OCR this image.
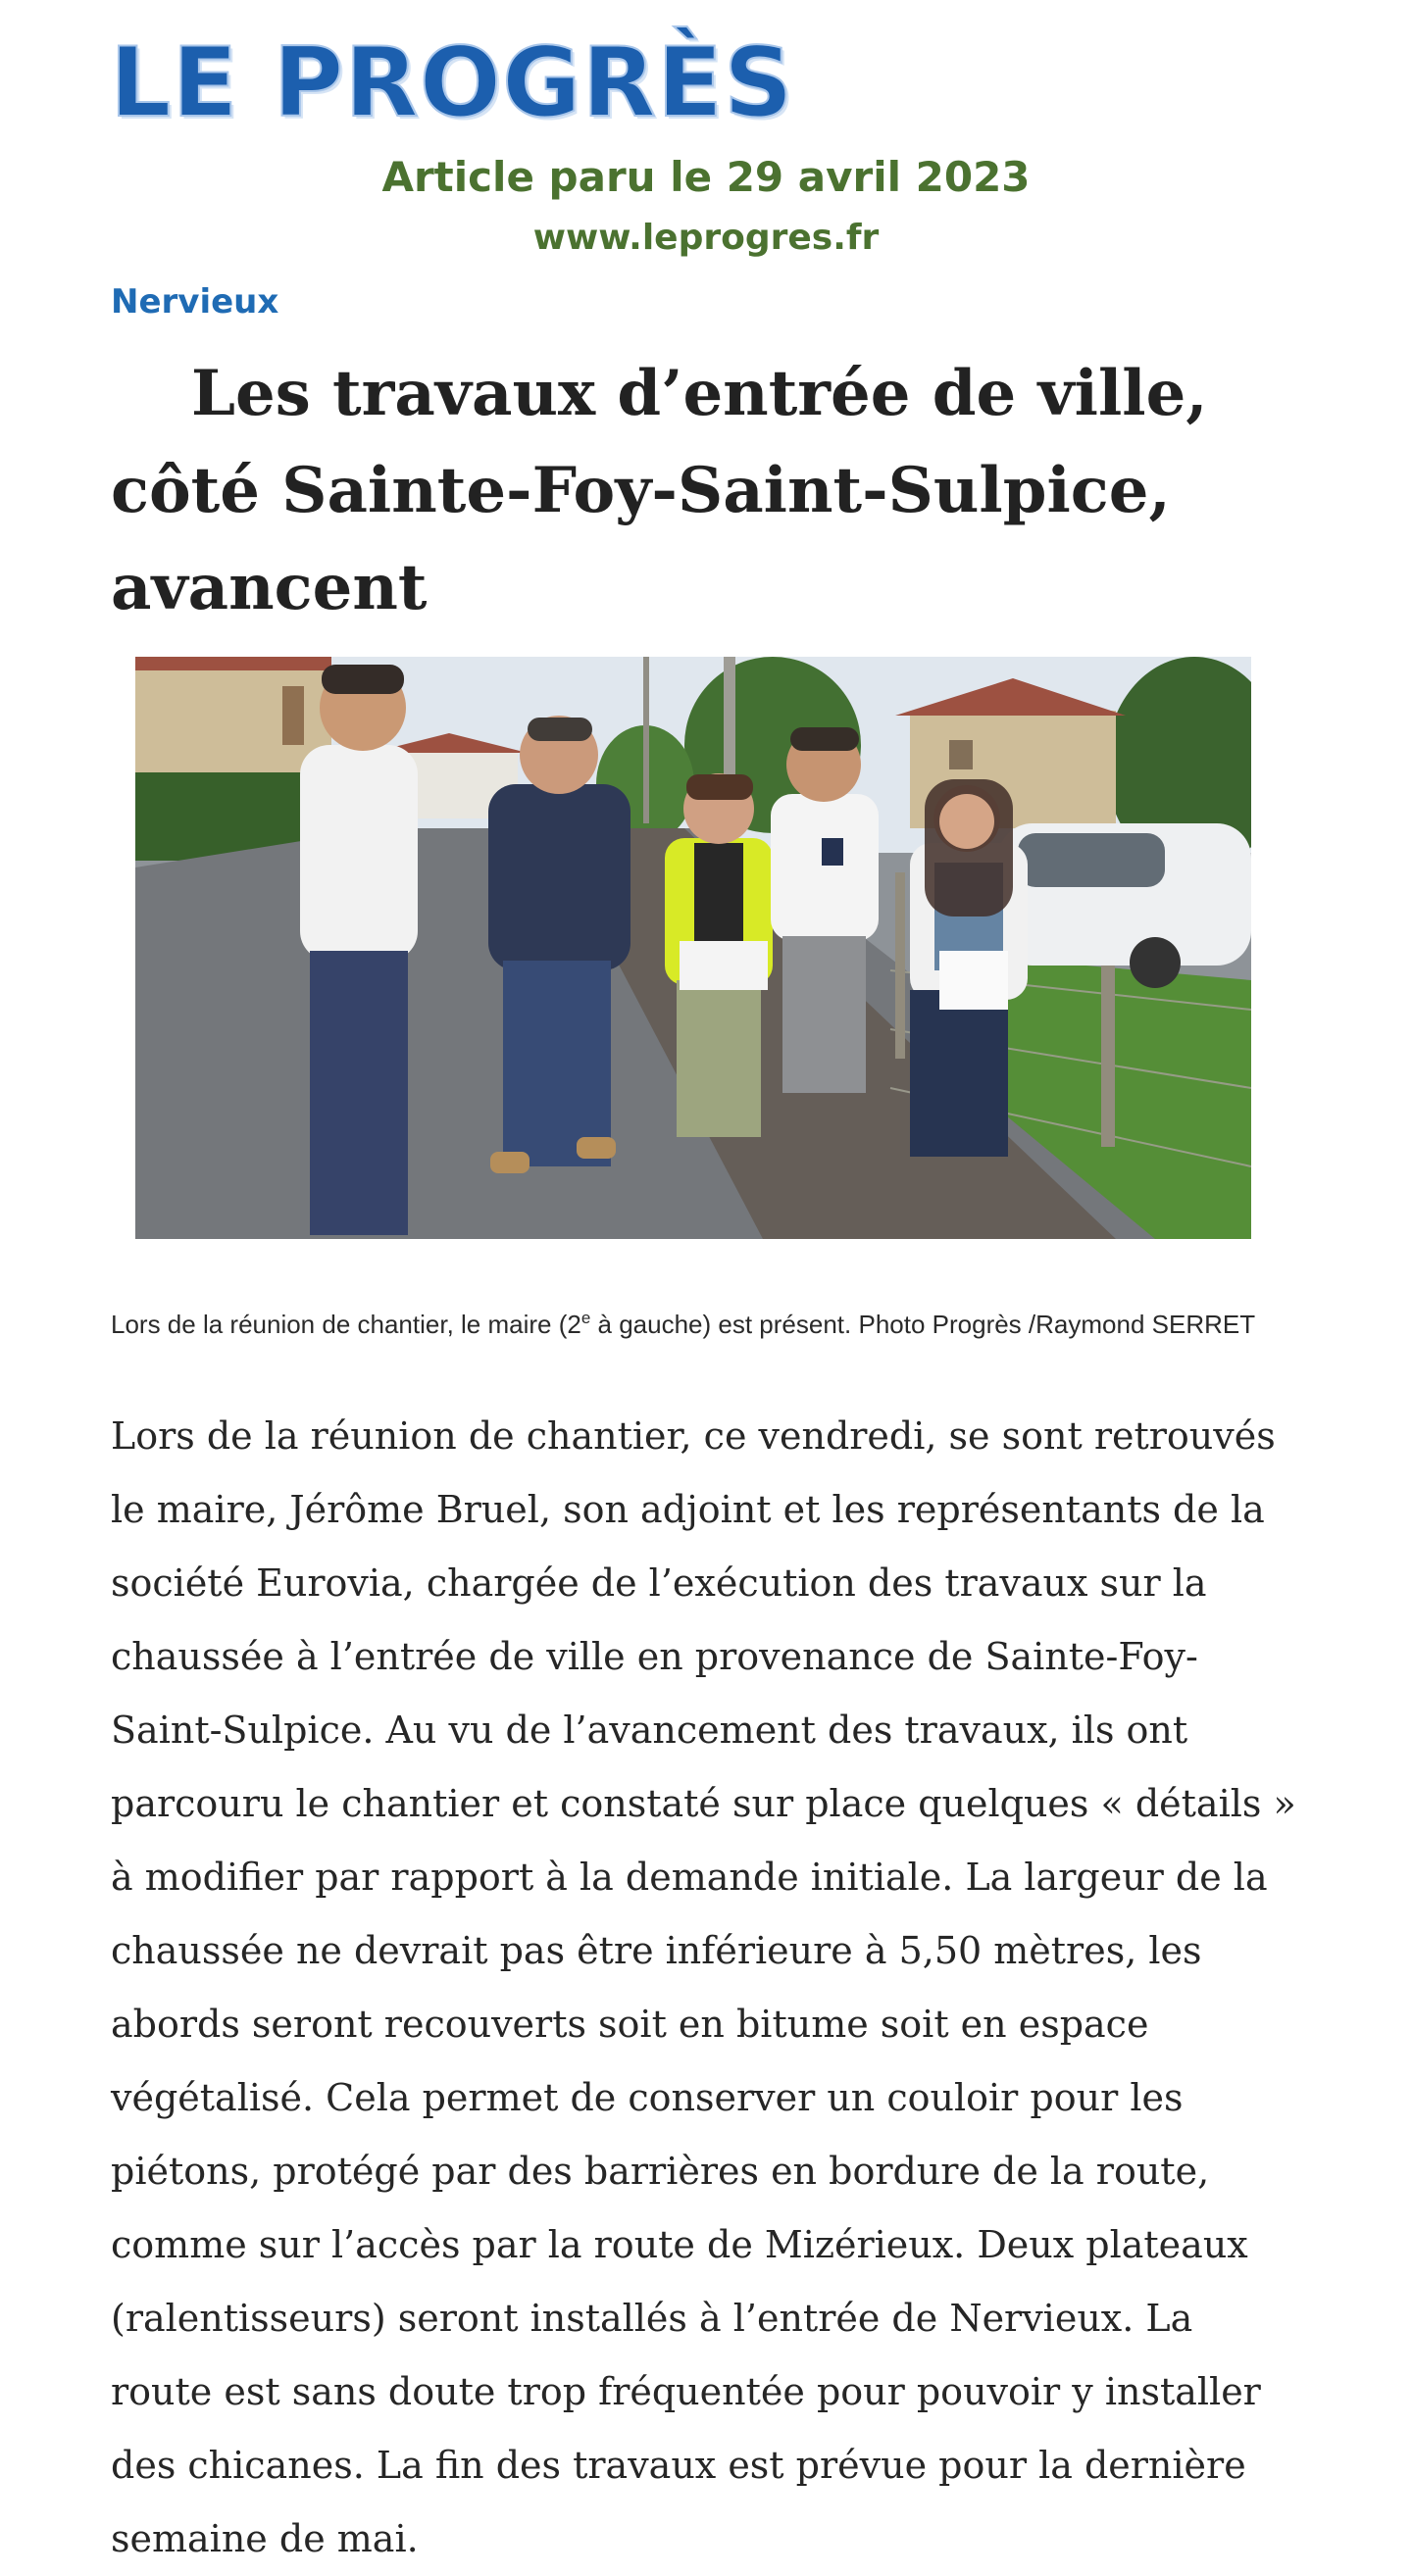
LE PROGRÈS
Article paru le 29 avril 2023
www.leprogres.fr
Nervieux
Les travaux d’entrée de ville, côté Sainte-Foy-Saint-Sulpice, avancent

Lors de la réunion de chantier, le maire (2e à gauche) est présent. Photo Progrès /Raymond SERRET

Lors de la réunion de chantier, ce vendredi, se sont retrouvés le maire, Jérôme Bruel, son adjoint et les représentants de la société Eurovia, chargée de l’exécution des travaux sur la chaussée à l’entrée de ville en provenance de Sainte-Foy-Saint-Sulpice. Au vu de l’avancement des travaux, ils ont parcouru le chantier et constaté sur place quelques « détails » à modifier par rapport à la demande initiale. La largeur de la chaussée ne devrait pas être inférieure à 5,50 mètres, les abords seront recouverts soit en bitume soit en espace végétalisé. Cela permet de conserver un couloir pour les piétons, protégé par des barrières en bordure de la route, comme sur l’accès par la route de Mizérieux. Deux plateaux (ralentisseurs) seront installés à l’entrée de Nervieux. La route est sans doute trop fréquentée pour pouvoir y installer des chicanes. La fin des travaux est prévue pour la dernière semaine de mai.
